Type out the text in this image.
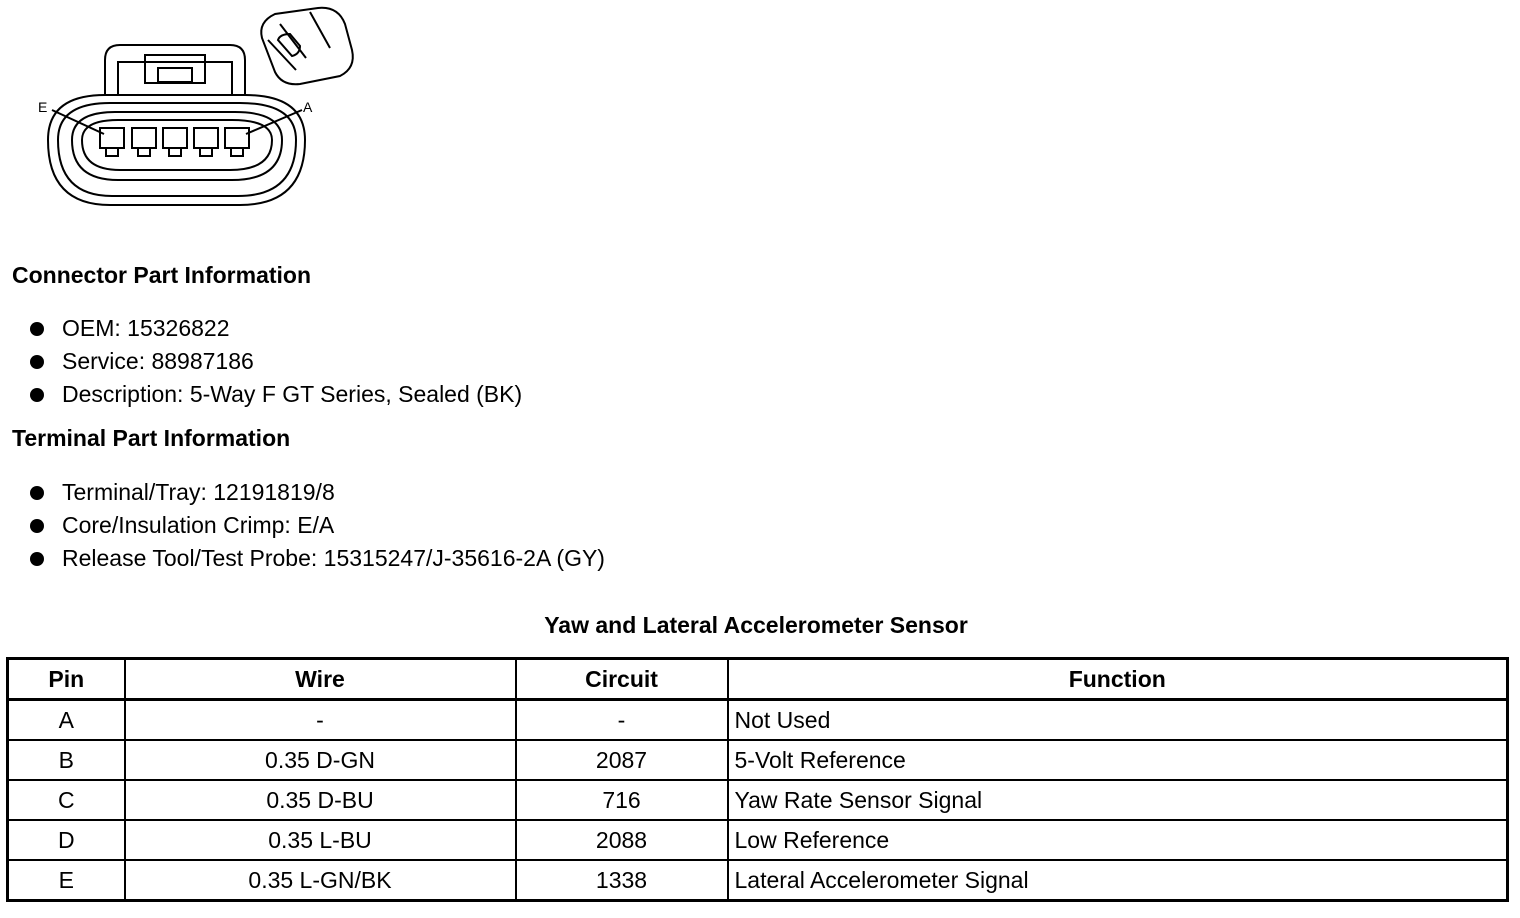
E	A
Connector Part Information
OEM: 15326822
Service: 88987186
Description: 5-Way F GT Series, Sealed (BK)
Terminal Part Information
Terminal/Tray: 12191819/8
Core/Insulation Crimp: E/A
Release Tool/Test Probe: 15315247/J-35616-2A (GY)
Yaw and Lateral Accelerometer Sensor
Pin	Wire	Circuit	Function
A	-	-	Not Used
B	0.35 D-GN	2087	5-Volt Reference
C	0.35 D-BU	716	Yaw Rate Sensor Signal
D	0.35 L-BU	2088	Low Reference
E	0.35 L-GN/BK	1338	Lateral Accelerometer Signal
